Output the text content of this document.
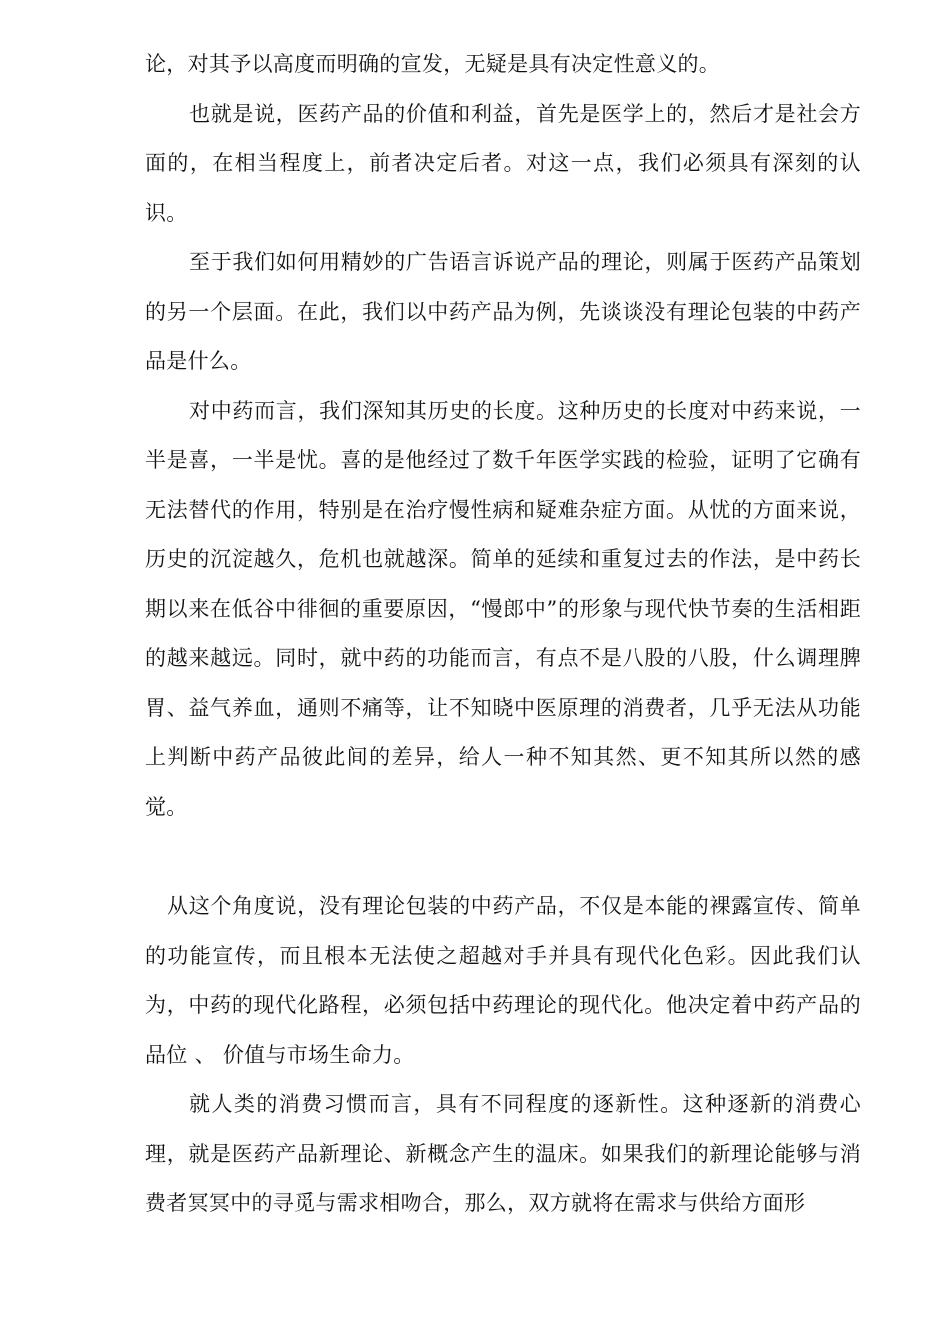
论，对其予以高度而明确的宣发，无疑是具有决定性意义的。

也就是说，医药产品的价值和利益，首先是医学上的，然后才是社会方面的，在相当程度上，前者决定后者。对这一点，我们必须具有深刻的认识。

至于我们如何用精妙的广告语言诉说产品的理论，则属于医药产品策划的另一个层面。在此，我们以中药产品为例，先谈谈没有理论包装的中药产品是什么。

对中药而言，我们深知其历史的长度。这种历史的长度对中药来说，一半是喜，一半是忧。喜的是他经过了数千年医学实践的检验，证明了它确有无法替代的作用，特别是在治疗慢性病和疑难杂症方面。从忧的方面来说，历史的沉淀越久，危机也就越深。简单的延续和重复过去的作法，是中药长期以来在低谷中徘徊的重要原因，“慢郎中”的形象与现代快节奏的生活相距的越来越远。同时，就中药的功能而言，有点不是八股的八股，什么调理脾胃、益气养血，通则不痛等，让不知晓中医原理的消费者，几乎无法从功能上判断中药产品彼此间的差异，给人一种不知其然、更不知其所以然的感觉。

从这个角度说，没有理论包装的中药产品，不仅是本能的裸露宣传、简单的功能宣传，而且根本无法使之超越对手并具有现代化色彩。因此我们认为，中药的现代化路程，必须包括中药理论的现代化。他决定着中药产品的品位 、 价值与市场生命力。

就人类的消费习惯而言，具有不同程度的逐新性。这种逐新的消费心理，就是医药产品新理论、新概念产生的温床。如果我们的新理论能够与消费者冥冥中的寻觅与需求相吻合，那么，双方就将在需求与供给方面形
